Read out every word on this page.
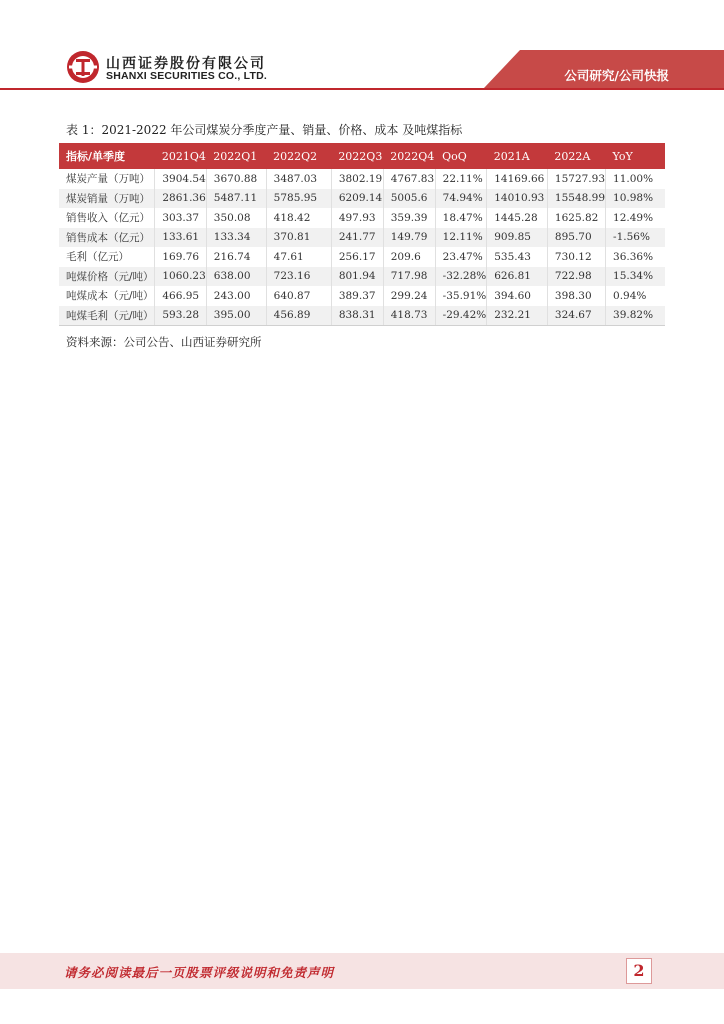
山西证券股份有限公司
SHANXI SECURITIES CO., LTD.	公司研究/公司快报
表 1：2021-2022 年公司煤炭分季度产量、销量、价格、成本 及吨煤指标
指标/单季度	2021Q4	2022Q1	2022Q2	2022Q3	2022Q4	QoQ	2021A	2022A	YoY
煤炭产量（万吨）	3904.54	3670.88	3487.03	3802.19	4767.83	22.11%	14169.66	15727.93	11.00%
煤炭销量（万吨）	2861.36	5487.11	5785.95	6209.14	5005.6	74.94%	14010.93	15548.99	10.98%
销售收入（亿元）	303.37	350.08	418.42	497.93	359.39	18.47%	1445.28	1625.82	12.49%
销售成本（亿元）	133.61	133.34	370.81	241.77	149.79	12.11%	909.85	895.70	-1.56%
毛利（亿元）	169.76	216.74	47.61	256.17	209.6	23.47%	535.43	730.12	36.36%
吨煤价格（元/吨）	1060.23	638.00	723.16	801.94	717.98	-32.28%	626.81	722.98	15.34%
吨煤成本（元/吨）	466.95	243.00	640.87	389.37	299.24	-35.91%	394.60	398.30	0.94%
吨煤毛利（元/吨）	593.28	395.00	456.89	838.31	418.73	-29.42%	232.21	324.67	39.82%
资料来源：公司公告、山西证券研究所
请务必阅读最后一页股票评级说明和免责声明	2
